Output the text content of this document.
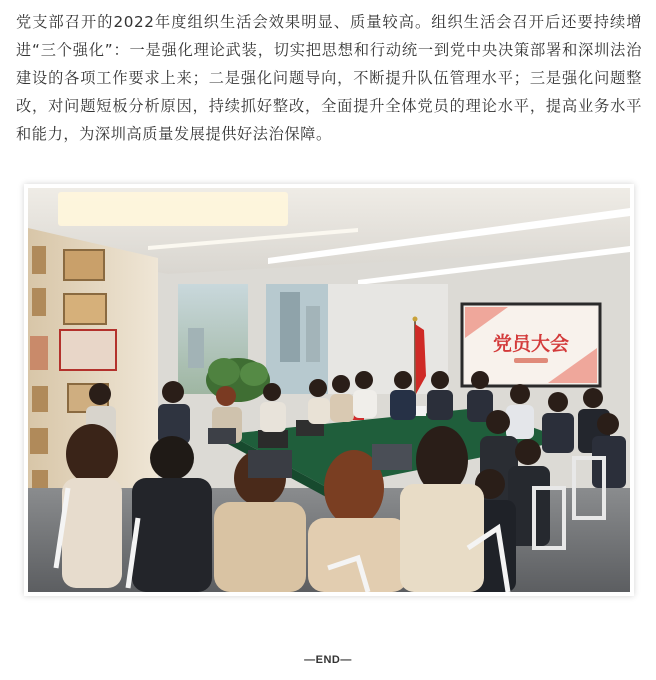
党支部召开的2022年度组织生活会效果明显、质量较高。组织生活会召开后还要持续增进“三个强化”：一是强化理论武装，切实把思想和行动统一到党中央决策部署和深圳法治建设的各项工作要求上来；二是强化问题导向，不断提升队伍管理水平；三是强化问题整改，对问题短板分析原因，持续抓好整改，全面提升全体党员的理论水平，提高业务水平和能力，为深圳高质量发展提供好法治保障。

党员大会
—END—
